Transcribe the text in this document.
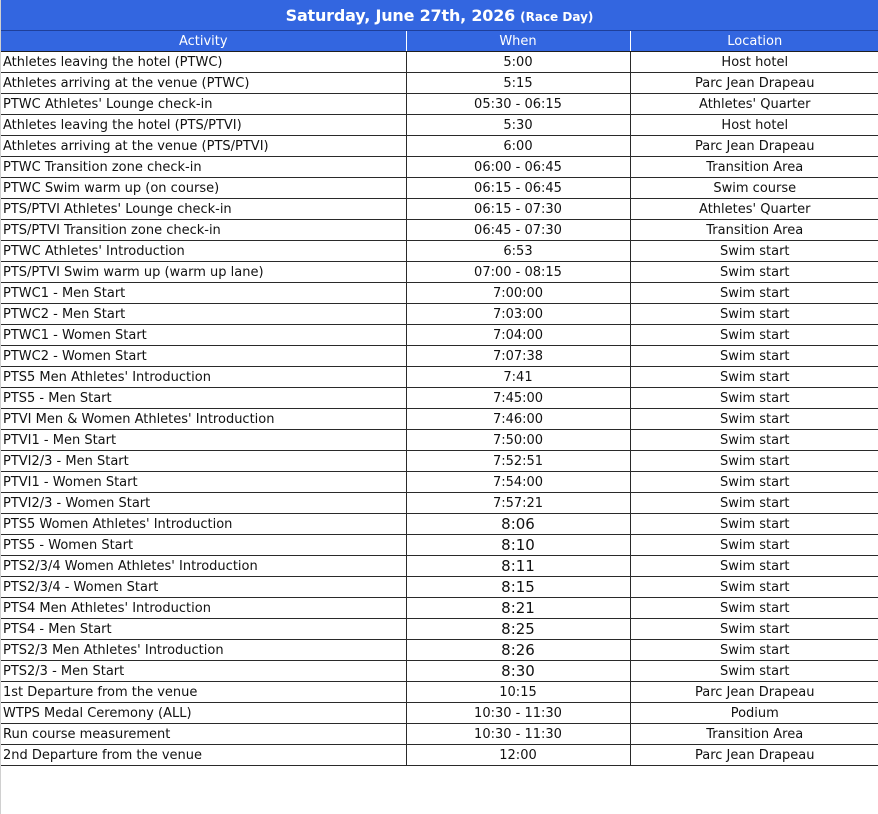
Saturday, June 27th, 2026 (Race Day)
Activity	When	Location
Athletes leaving the hotel (PTWC)	5:00	Host hotel
Athletes arriving at the venue (PTWC)	5:15	Parc Jean Drapeau
PTWC Athletes' Lounge check-in	05:30 - 06:15	Athletes' Quarter
Athletes leaving the hotel (PTS/PTVI)	5:30	Host hotel
Athletes arriving at the venue (PTS/PTVI)	6:00	Parc Jean Drapeau
PTWC Transition zone check-in	06:00 - 06:45	Transition Area
PTWC Swim warm up (on course)	06:15 - 06:45	Swim course
PTS/PTVI Athletes' Lounge check-in	06:15 - 07:30	Athletes' Quarter
PTS/PTVI Transition zone check-in	06:45 - 07:30	Transition Area
PTWC Athletes' Introduction	6:53	Swim start
PTS/PTVI Swim warm up (warm up lane)	07:00 - 08:15	Swim start
PTWC1 - Men Start	7:00:00	Swim start
PTWC2 - Men Start	7:03:00	Swim start
PTWC1 - Women Start	7:04:00	Swim start
PTWC2 - Women Start	7:07:38	Swim start
PTS5 Men Athletes' Introduction	7:41	Swim start
PTS5 - Men Start	7:45:00	Swim start
PTVI Men & Women Athletes' Introduction	7:46:00	Swim start
PTVI1 - Men Start	7:50:00	Swim start
PTVI2/3 - Men Start	7:52:51	Swim start
PTVI1 - Women Start	7:54:00	Swim start
PTVI2/3 - Women Start	7:57:21	Swim start
PTS5 Women Athletes' Introduction	8:06	Swim start
PTS5 - Women Start	8:10	Swim start
PTS2/3/4 Women Athletes' Introduction	8:11	Swim start
PTS2/3/4 - Women Start	8:15	Swim start
PTS4 Men Athletes' Introduction	8:21	Swim start
PTS4 - Men Start	8:25	Swim start
PTS2/3 Men Athletes' Introduction	8:26	Swim start
PTS2/3 - Men Start	8:30	Swim start
1st Departure from the venue	10:15	Parc Jean Drapeau
WTPS Medal Ceremony (ALL)	10:30 - 11:30	Podium
Run course measurement	10:30 - 11:30	Transition Area
2nd Departure from the venue	12:00	Parc Jean Drapeau
